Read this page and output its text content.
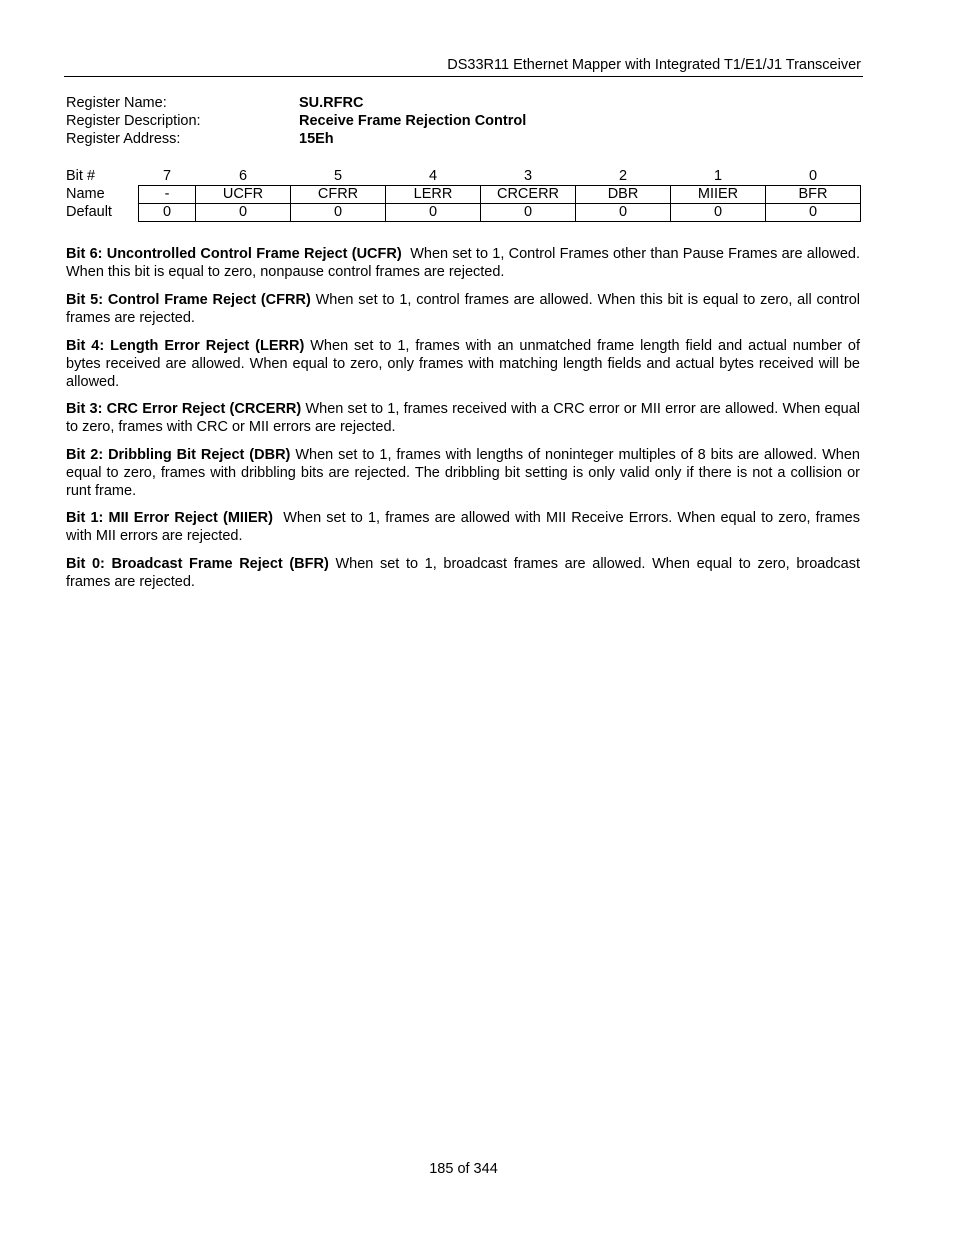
DS33R11 Ethernet Mapper with Integrated T1/E1/J1 Transceiver
Register Name:	SU.RFRC
Register Description:	Receive Frame Rejection Control
Register Address:	15Eh
Bit #	7	6	5	4	3	2	1	0
Name	-	UCFR	CFRR	LERR	CRCERR	DBR	MIIER	BFR
Default	0	0	0	0	0	0	0	0
Bit 6: Uncontrolled Control Frame Reject (UCFR) When set to 1, Control Frames other than Pause Frames are allowed. When this bit is equal to zero, nonpause control frames are rejected.
Bit 5: Control Frame Reject (CFRR) When set to 1, control frames are allowed. When this bit is equal to zero, all control frames are rejected.
Bit 4: Length Error Reject (LERR) When set to 1, frames with an unmatched frame length field and actual number of bytes received are allowed. When equal to zero, only frames with matching length fields and actual bytes received will be allowed.
Bit 3: CRC Error Reject (CRCERR) When set to 1, frames received with a CRC error or MII error are allowed. When equal to zero, frames with CRC or MII errors are rejected.
Bit 2: Dribbling Bit Reject (DBR) When set to 1, frames with lengths of noninteger multiples of 8 bits are allowed. When equal to zero, frames with dribbling bits are rejected. The dribbling bit setting is only valid only if there is not a collision or runt frame.
Bit 1: MII Error Reject (MIIER) When set to 1, frames are allowed with MII Receive Errors. When equal to zero, frames with MII errors are rejected.
Bit 0: Broadcast Frame Reject (BFR) When set to 1, broadcast frames are allowed. When equal to zero, broadcast frames are rejected.
185 of 344
